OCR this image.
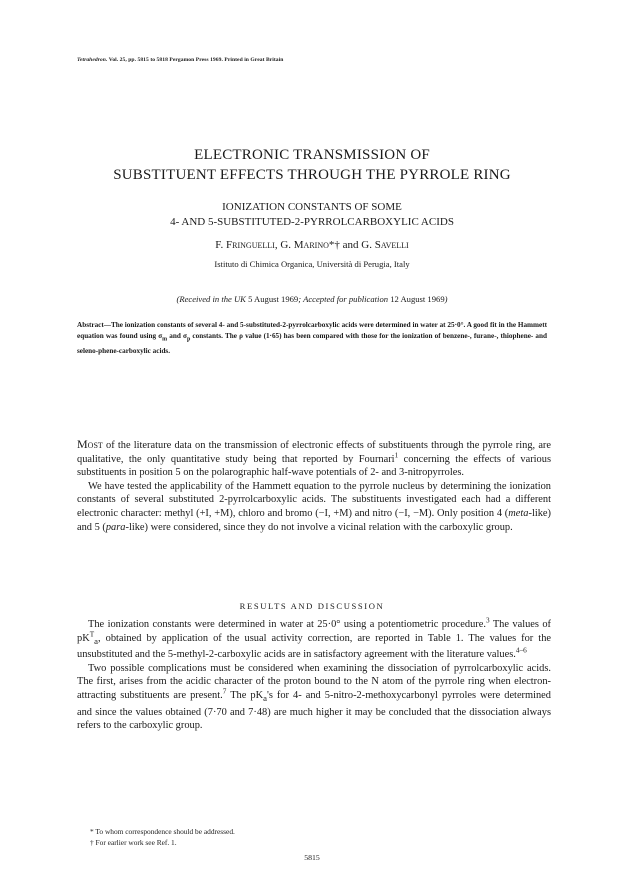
Tetrahedron. Vol. 25, pp. 5815 to 5818 Pergamon Press 1969. Printed in Great Britain
ELECTRONIC TRANSMISSION OF
SUBSTITUENT EFFECTS THROUGH THE PYRROLE RING
IONIZATION CONSTANTS OF SOME
4- AND 5-SUBSTITUTED-2-PYRROLCARBOXYLIC ACIDS
F. Fringuelli, G. Marino*† and G. Savelli
Istituto di Chimica Organica, Università di Perugia, Italy
(Received in the UK 5 August 1969; Accepted for publication 12 August 1969)

Abstract—The ionization constants of several 4- and 5-substituted-2-pyrrolcarboxylic acids were determined in water at 25·0°. A good fit in the Hammett equation was found using $\sigma_m$ and $\sigma_p$ constants. The ρ value (1·65) has been compared with those for the ionization of benzene-, furane-, thiophene- and seleno-phene-carboxylic acids.

Most of the literature data on the transmission of electronic effects of substituents through the pyrrole ring, are qualitative, the only quantitative study being that reported by Fournari$^1$ concerning the effects of various substituents in position 5 on the polarographic half-wave potentials of 2- and 3-nitropyrroles.

We have tested the applicability of the Hammett equation to the pyrrole nucleus by determining the ionization constants of several substituted 2-pyrrolcarboxylic acids. The substituents investigated each had a different electronic character: methyl (+I, +M), chloro and bromo (−I, +M) and nitro (−I, −M). Only position 4 (meta-like) and 5 (para-like) were considered, since they do not involve a vicinal relation with the carboxylic group.

RESULTS AND DISCUSSION

The ionization constants were determined in water at 25·0° using a potentiometric procedure.$^3$ The values of $pK^T_a$, obtained by application of the usual activity correction, are reported in Table 1. The values for the unsubstituted and the 5-methyl-2-carboxylic acids are in satisfactory agreement with the literature values.$^{4-6}$

Two possible complications must be considered when examining the dissociation of pyrrolcarboxylic acids. The first, arises from the acidic character of the proton bound to the N atom of the pyrrole ring when electron-attracting substituents are present.$^7$ The $pK_a's$ for 4- and 5-nitro-2-methoxycarbonyl pyrroles were determined and since the values obtained (7·70 and 7·48) are much higher it may be concluded that the dissociation always refers to the carboxylic group.

* To whom correspondence should be addressed.
† For earlier work see Ref. 1.
5815
